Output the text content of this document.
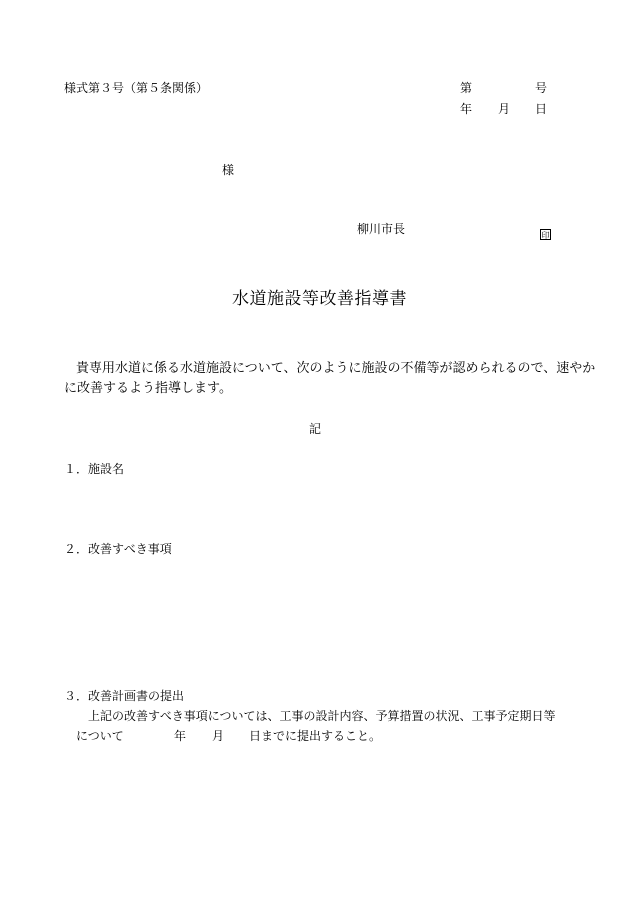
様式第３号（第５条関係）	第	号
年 月 日
様
柳川市長	印
水道施設等改善指導書
貴専用水道に係る水道施設について、次のように施設の不備等が認められるので、速やか
に改善するよう指導します。
記
１．施設名
２．改善すべき事項
３．改善計画書の提出
上記の改善すべき事項については、工事の設計内容、予算措置の状況、工事予定期日等
について	年 月 日までに提出すること。
